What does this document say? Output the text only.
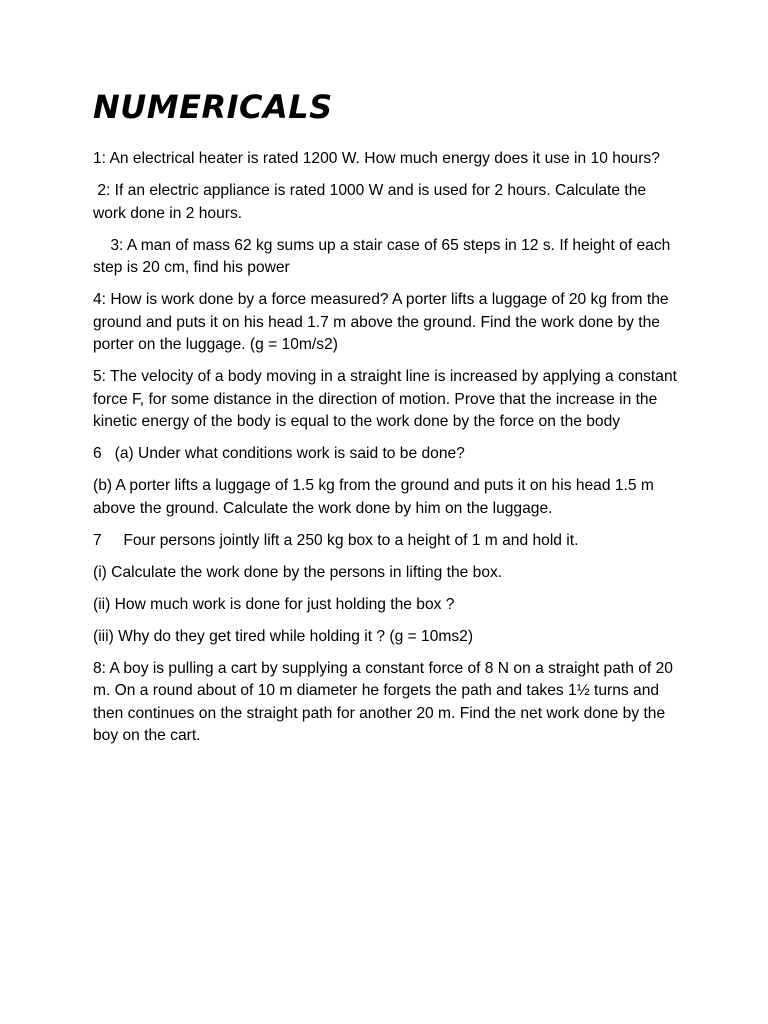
NUMERICALS

1: An electrical heater is rated 1200 W. How much energy does it use in 10 hours?

2: If an electric appliance is rated 1000 W and is used for 2 hours. Calculate the work done in 2 hours.

3: A man of mass 62 kg sums up a stair case of 65 steps in 12 s. If height of each step is 20 cm, find his power

4: How is work done by a force measured? A porter lifts a luggage of 20 kg from the ground and puts it on his head 1.7 m above the ground. Find the work done by the porter on the luggage. (g = 10m/s2)

5: The velocity of a body moving in a straight line is increased by applying a constant force F, for some distance in the direction of motion. Prove that the increase in the kinetic energy of the body is equal to the work done by the force on the body

6   (a) Under what conditions work is said to be done?

(b) A porter lifts a luggage of 1.5 kg from the ground and puts it on his head 1.5 m above the ground. Calculate the work done by him on the luggage.

7     Four persons jointly lift a 250 kg box to a height of 1 m and hold it.

(i) Calculate the work done by the persons in lifting the box.

(ii) How much work is done for just holding the box ?

(iii) Why do they get tired while holding it ? (g = 10ms2)

8: A boy is pulling a cart by supplying a constant force of 8 N on a straight path of 20 m. On a round about of 10 m diameter he forgets the path and takes 1½ turns and then continues on the straight path for another 20 m. Find the net work done by the boy on the cart.
